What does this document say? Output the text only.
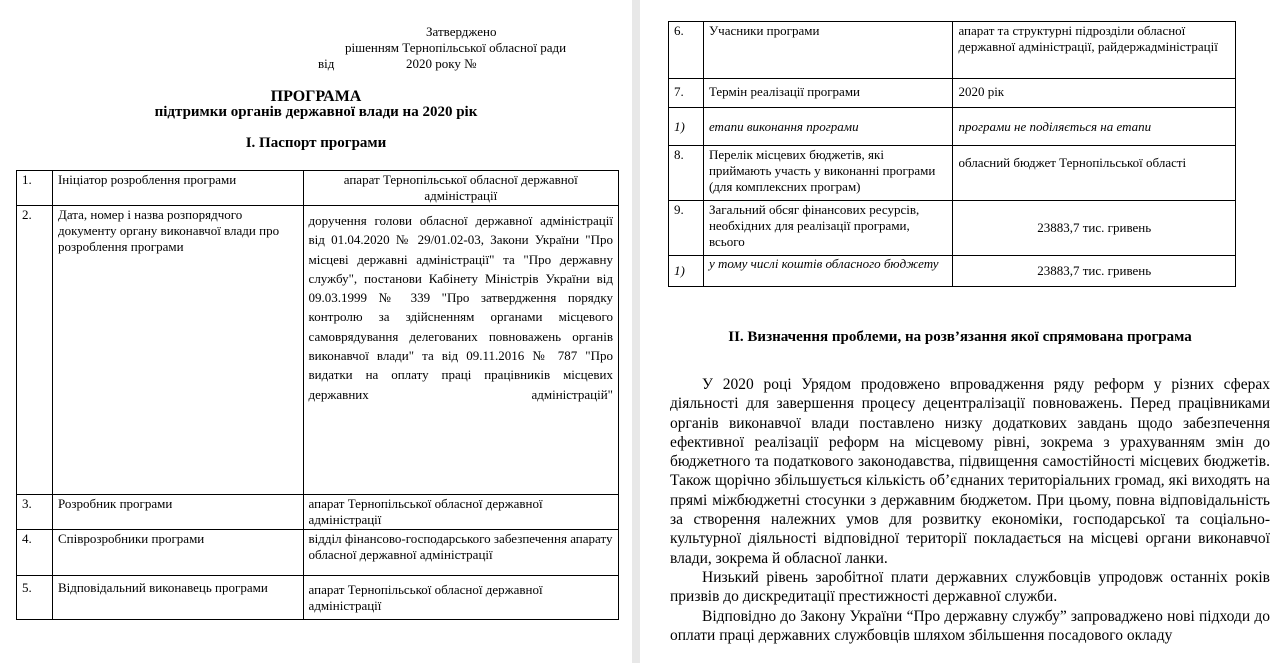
Затверджено
рішенням Тернопільської обласної ради
від	2020 року №
ПРОГРАМА
підтримки органів державної влади на 2020 рік
I. Паспорт програми
1.	Ініціатор розроблення програми	апарат Тернопільської обласної державної адміністрації
2.	Дата, номер і назва розпорядчого документу органу виконавчої влади про розроблення програми	доручення голови обласної державної адміністрації від 01.04.2020 № 29/01.02-03, Закони України "Про місцеві державні адміністрації" та "Про державну службу", постанови Кабінету Міністрів України від 09.03.1999 № 339 "Про затвердження порядку контролю за здійсненням органами місцевого самоврядування делегованих повноважень органів виконавчої влади" та від 09.11.2016 № 787 "Про видатки на оплату праці працівників місцевих державних адміністрацій"
3.	Розробник програми	апарат Тернопільської обласної державної адміністрації
4.	Співрозробники програми	відділ фінансово-господарського забезпечення апарату обласної державної адміністрації
5.	Відповідальний виконавець програми	апарат Тернопільської обласної державної адміністрації
6.	Учасники програми	апарат та структурні підрозділи обласної державної адміністрації, райдержадміністрації
7.	Термін реалізації програми	2020 рік
1)	етапи виконання програми	програми не поділяється на етапи
8.	Перелік місцевих бюджетів, які приймають участь у виконанні програми (для комплексних програм)	обласний бюджет Тернопільської області
9.	Загальний обсяг фінансових ресурсів, необхідних для реалізації програми, всього	23883,7 тис. гривень
1)	у тому числі коштів обласного бюджету	23883,7 тис. гривень
II. Визначення проблеми, на розв’язання якої спрямована програма

У 2020 році Урядом продовжено впровадження ряду реформ у різних сферах діяльності для завершення процесу децентралізації повноважень. Перед працівниками органів виконавчої влади поставлено низку додаткових завдань щодо забезпечення ефективної реалізації реформ на місцевому рівні, зокрема з урахуванням змін до бюджетного та податкового законодавства, підвищення самостійності місцевих бюджетів. Також щорічно збільшується кількість об’єднаних територіальних громад, які виходять на прямі міжбюджетні стосунки з державним бюджетом. При цьому, повна відповідальність за створення належних умов для розвитку економіки, господарської та соціально-культурної діяльності відповідної території покладається на місцеві органи виконавчої влади, зокрема й обласної ланки.

Низький рівень заробітної плати державних службовців упродовж останніх років призвів до дискредитації престижності державної служби.

Відповідно до Закону України “Про державну службу” запроваджено нові підходи до оплати праці державних службовців шляхом збільшення посадового окладу
